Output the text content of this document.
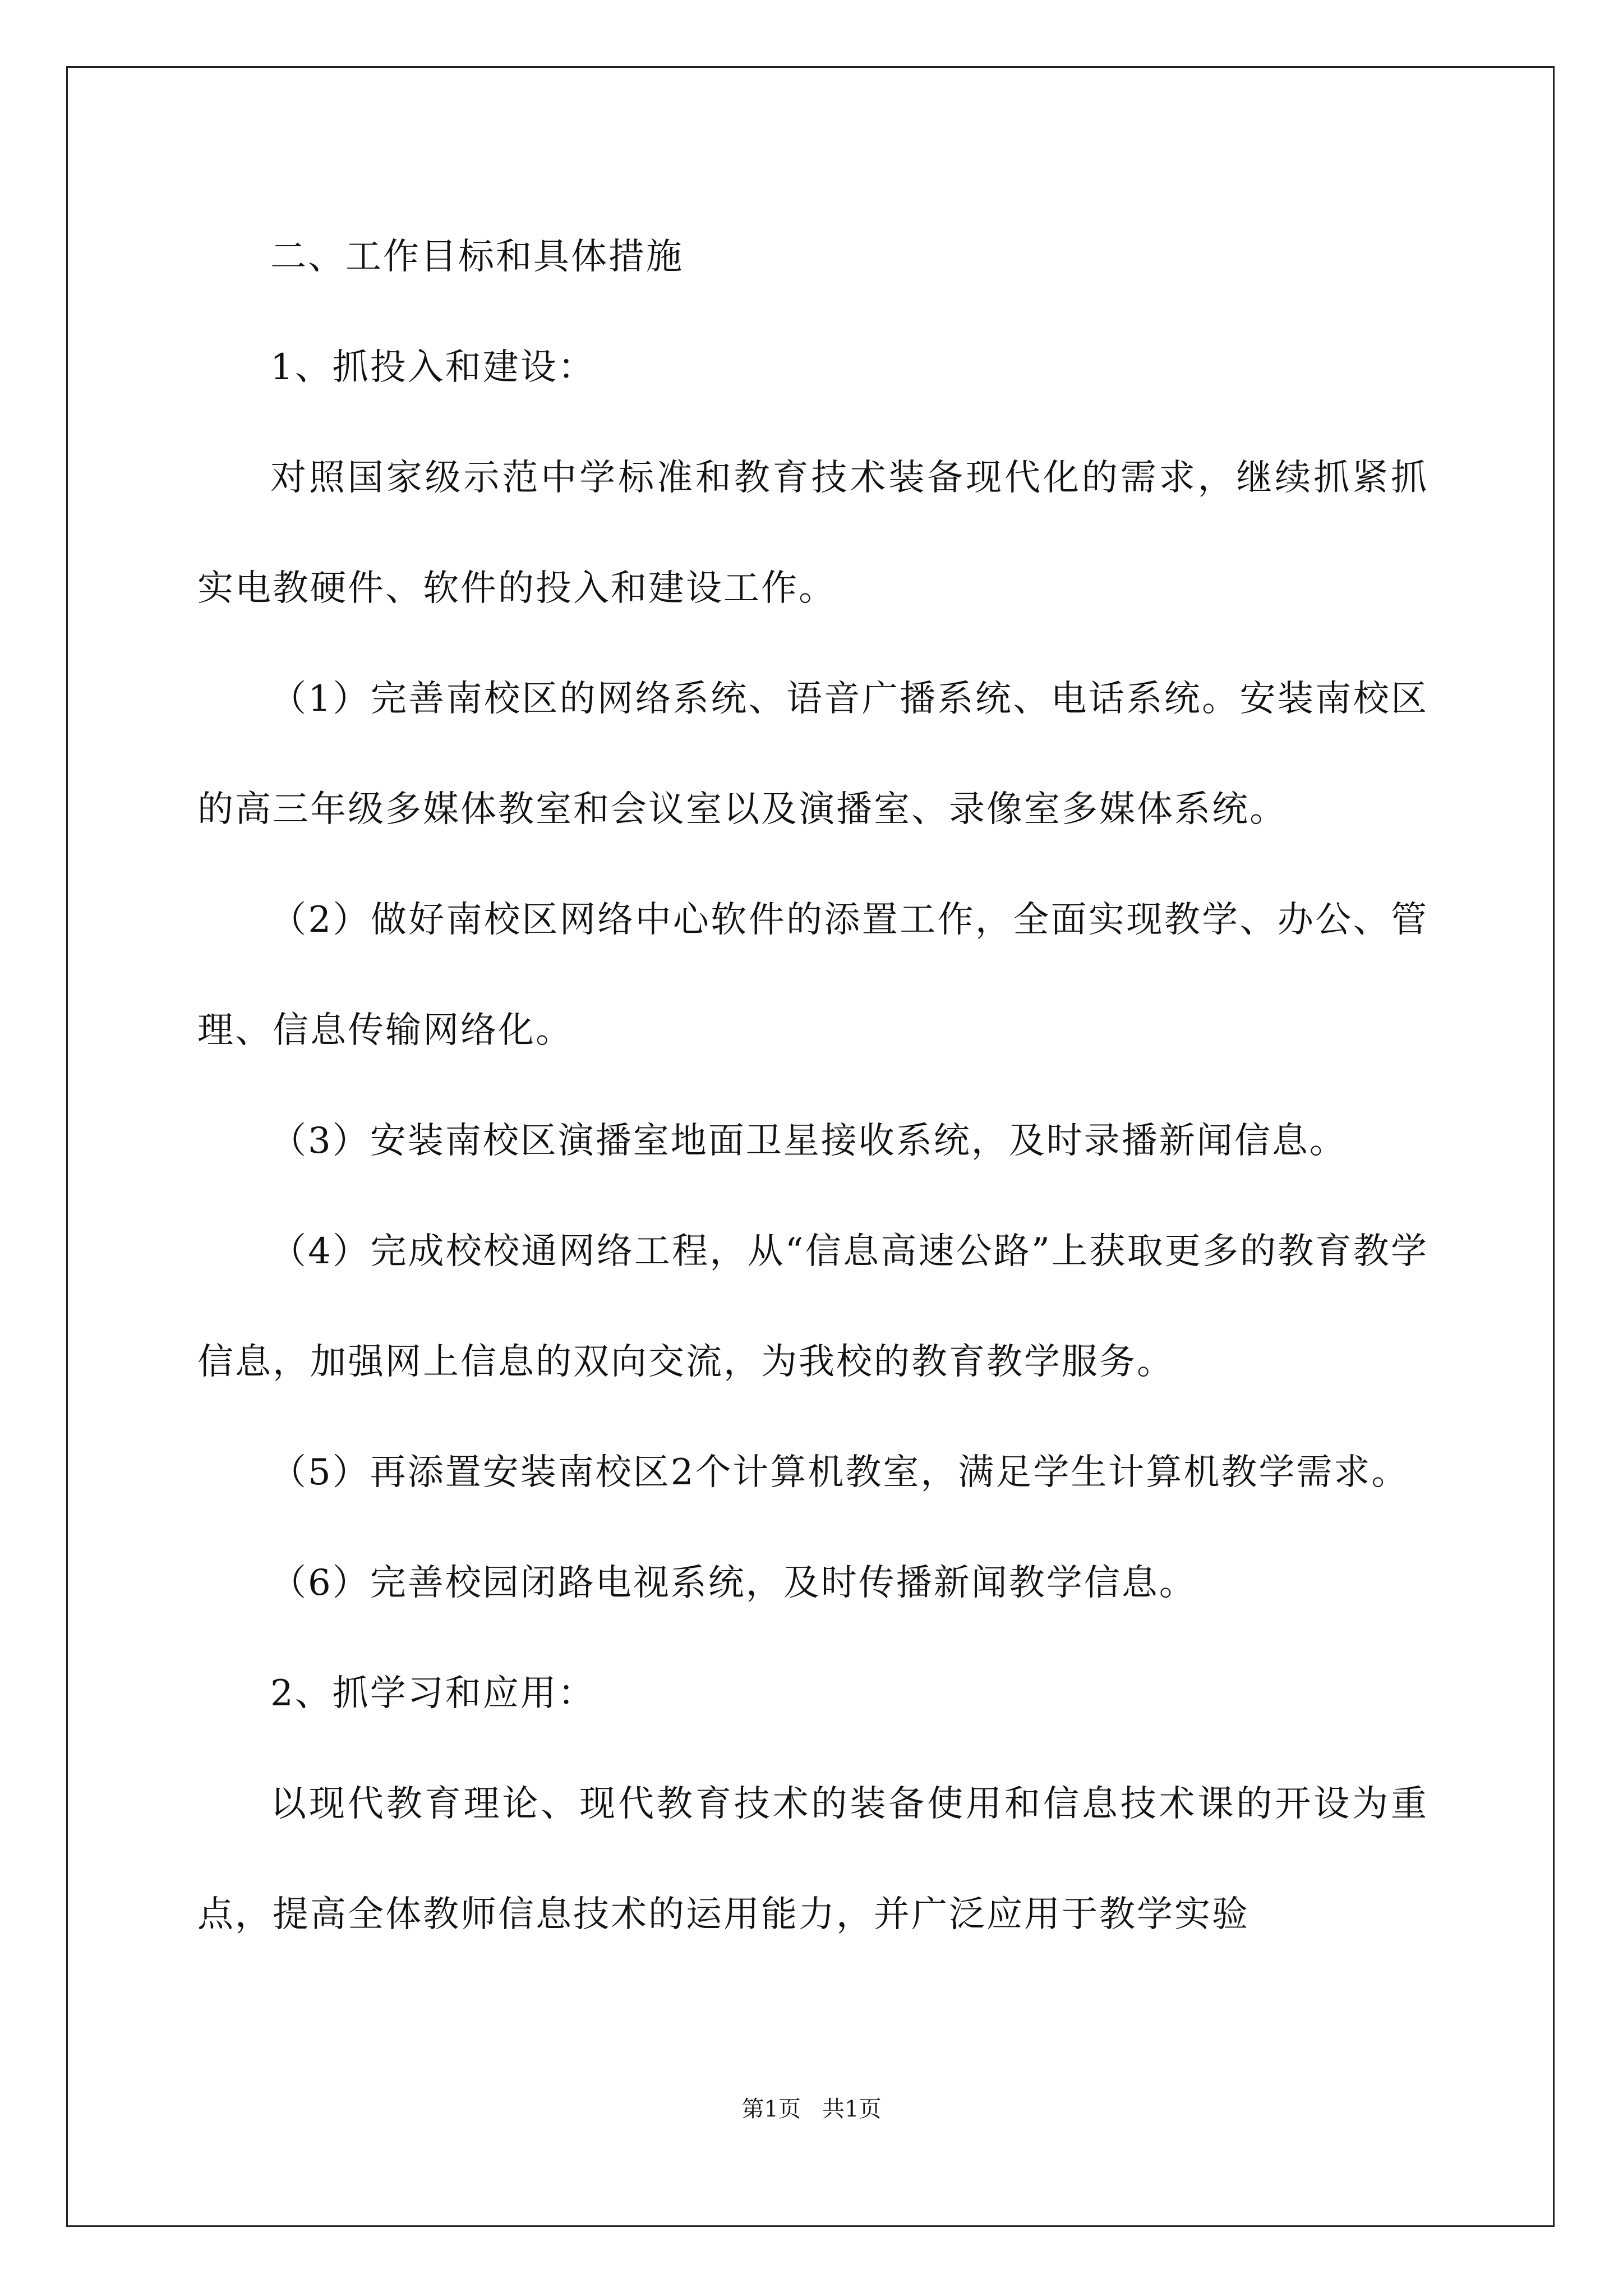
二、工作目标和具体措施

1、抓投入和建设：

对照国家级示范中学标准和教育技术装备现代化的需求，继续抓紧抓实电教硬件、软件的投入和建设工作。

（1）完善南校区的网络系统、语音广播系统、电话系统。安装南校区的高三年级多媒体教室和会议室以及演播室、录像室多媒体系统。

（2）做好南校区网络中心软件的添置工作，全面实现教学、办公、管理、信息传输网络化。

（3）安装南校区演播室地面卫星接收系统，及时录播新闻信息。

（4）完成校校通网络工程，从“信息高速公路”上获取更多的教育教学信息，加强网上信息的双向交流，为我校的教育教学服务。

（5）再添置安装南校区2个计算机教室，满足学生计算机教学需求。

（6）完善校园闭路电视系统，及时传播新闻教学信息。

2、抓学习和应用：

以现代教育理论、现代教育技术的装备使用和信息技术课的开设为重点，提高全体教师信息技术的运用能力，并广泛应用于教学实验

第1页 共1页
